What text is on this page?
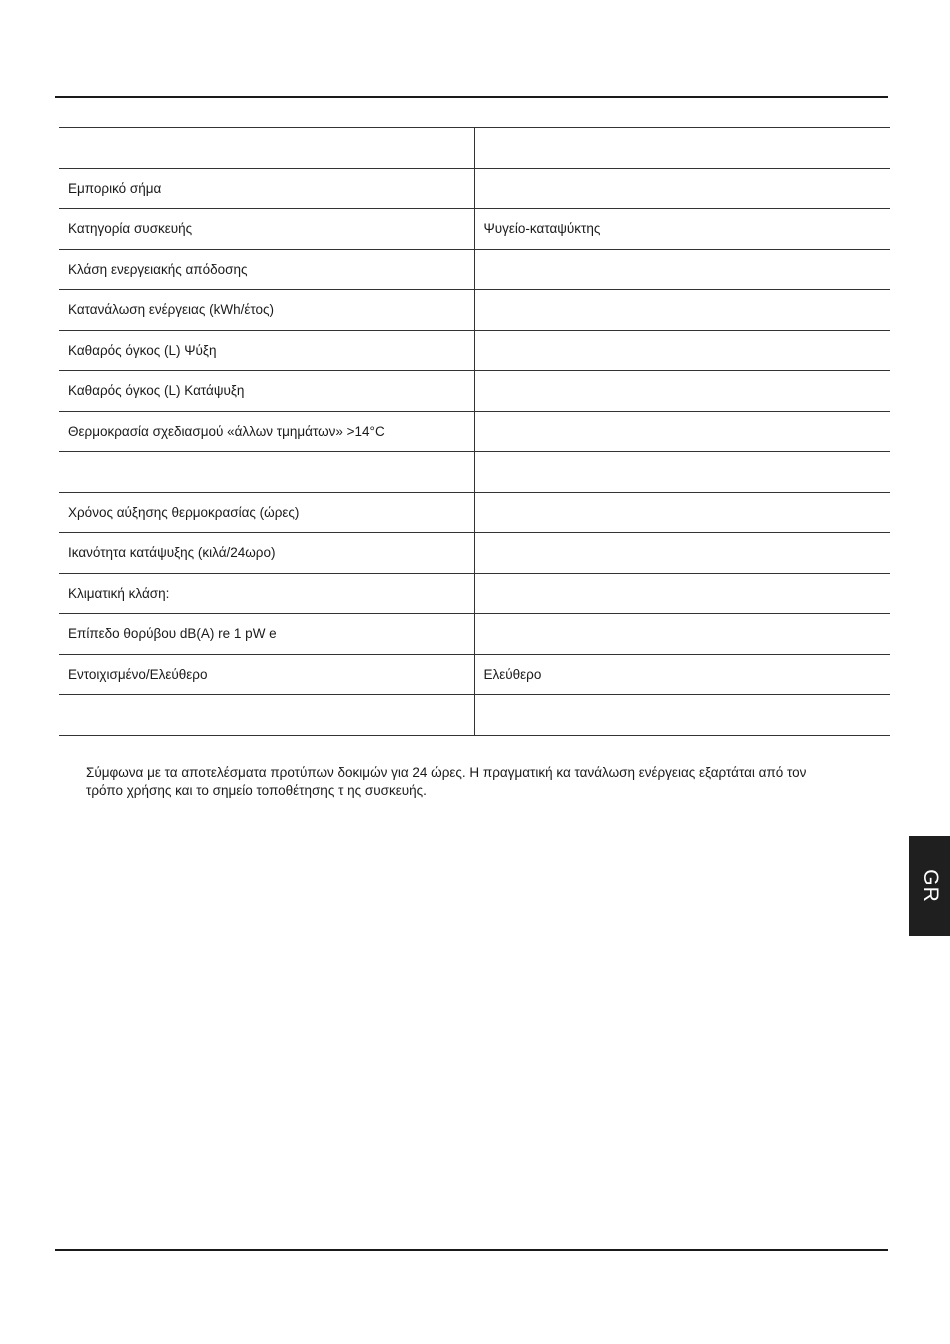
Εμπορικό σήμα	
Κατηγορία συσκευής	Ψυγείο-καταψύκτης
Κλάση ενεργειακής απόδοσης	
Κατανάλωση ενέργειας (kWh/έτος)	
Καθαρός όγκος (L) Ψύξη	
Καθαρός όγκος (L) Κατάψυξη	
Θερμοκρασία σχεδιασμού «άλλων τμημάτων» >14°C	

Χρόνος αύξησης θερμοκρασίας (ώρες)	
Ικανότητα κατάψυξης (κιλά/24ωρο)	
Κλιματική κλάση:	
Επίπεδο θορύβου dB(A) re 1 pW e	
Εντοιχισμένο/Ελεύθερο	Ελεύθερο

Σύμφωνα με τα αποτελέσματα προτύπων δοκιμών για 24 ώρες. Η πραγματική κα τανάλωση ενέργειας εξαρτάται από τον
τρόπο χρήσης και το σημείο τοποθέτησης τ ης συσκευής.
GR
